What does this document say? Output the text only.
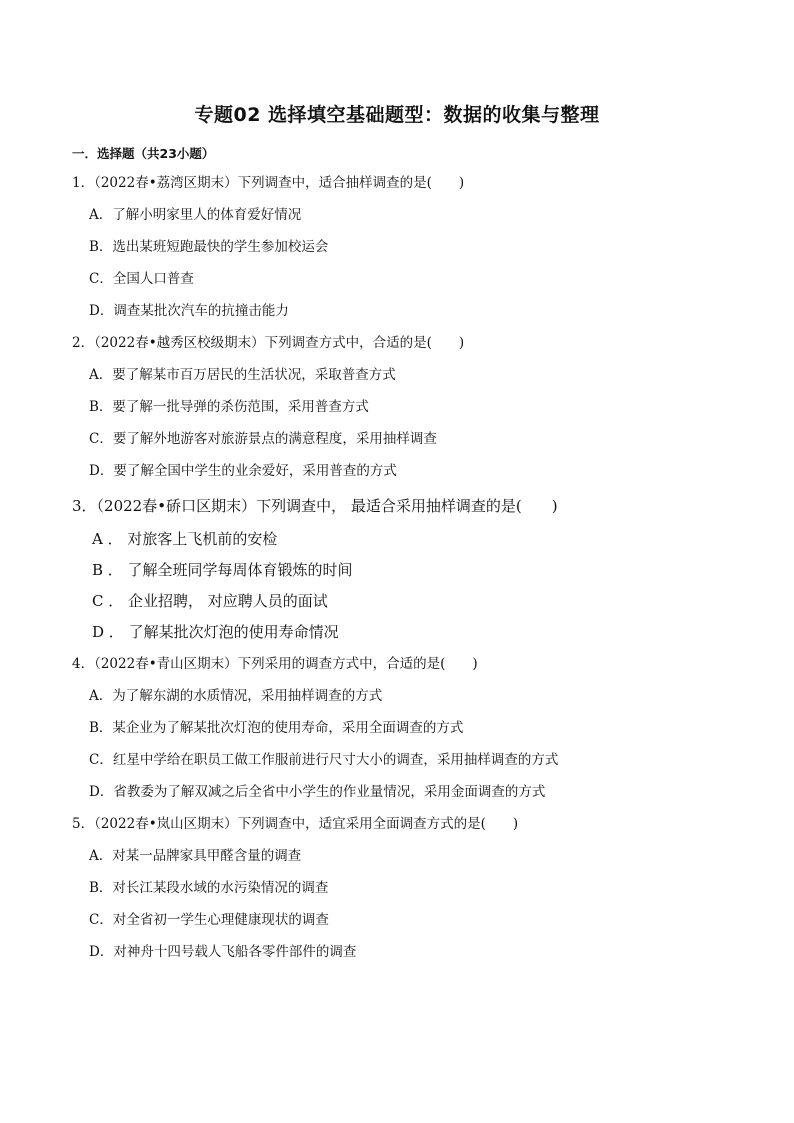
专题02 选择填空基础题型：数据的收集与整理
一．选择题（共23小题）
1．（2022春•荔湾区期末）下列调查中，适合抽样调查的是(　　)
A．了解小明家里人的体育爱好情况
B．选出某班短跑最快的学生参加校运会
C．全国人口普查
D．调查某批次汽车的抗撞击能力
2．（2022春•越秀区校级期末）下列调查方式中，合适的是(　　)
A．要了解某市百万居民的生活状况，采取普查方式
B．要了解一批导弹的杀伤范围，采用普查方式
C．要了解外地游客对旅游景点的满意程度，采用抽样调查
D．要了解全国中学生的业余爱好，采用普查的方式
3．（2022春•硚口区期末）下列调查中， 最适合采用抽样调查的是(　　)
A ． 对旅客上飞机前的安检
B ． 了解全班同学每周体育锻炼的时间
C ． 企业招聘， 对应聘人员的面试
D ． 了解某批次灯泡的使用寿命情况
4．（2022春•青山区期末）下列采用的调查方式中，合适的是(　　)
A．为了解东湖的水质情况，采用抽样调查的方式
B．某企业为了解某批次灯泡的使用寿命，采用全面调查的方式
C．红星中学给在职员工做工作服前进行尺寸大小的调查，采用抽样调查的方式
D．省教委为了解双减之后全省中小学生的作业量情况，采用金面调查的方式
5．（2022春•岚山区期末）下列调查中，适宜采用全面调查方式的是(　　)
A．对某一品牌家具甲醛含量的调查
B．对长江某段水域的水污染情况的调查
C．对全省初一学生心理健康现状的调查
D．对神舟十四号载人飞船各零件部件的调查
